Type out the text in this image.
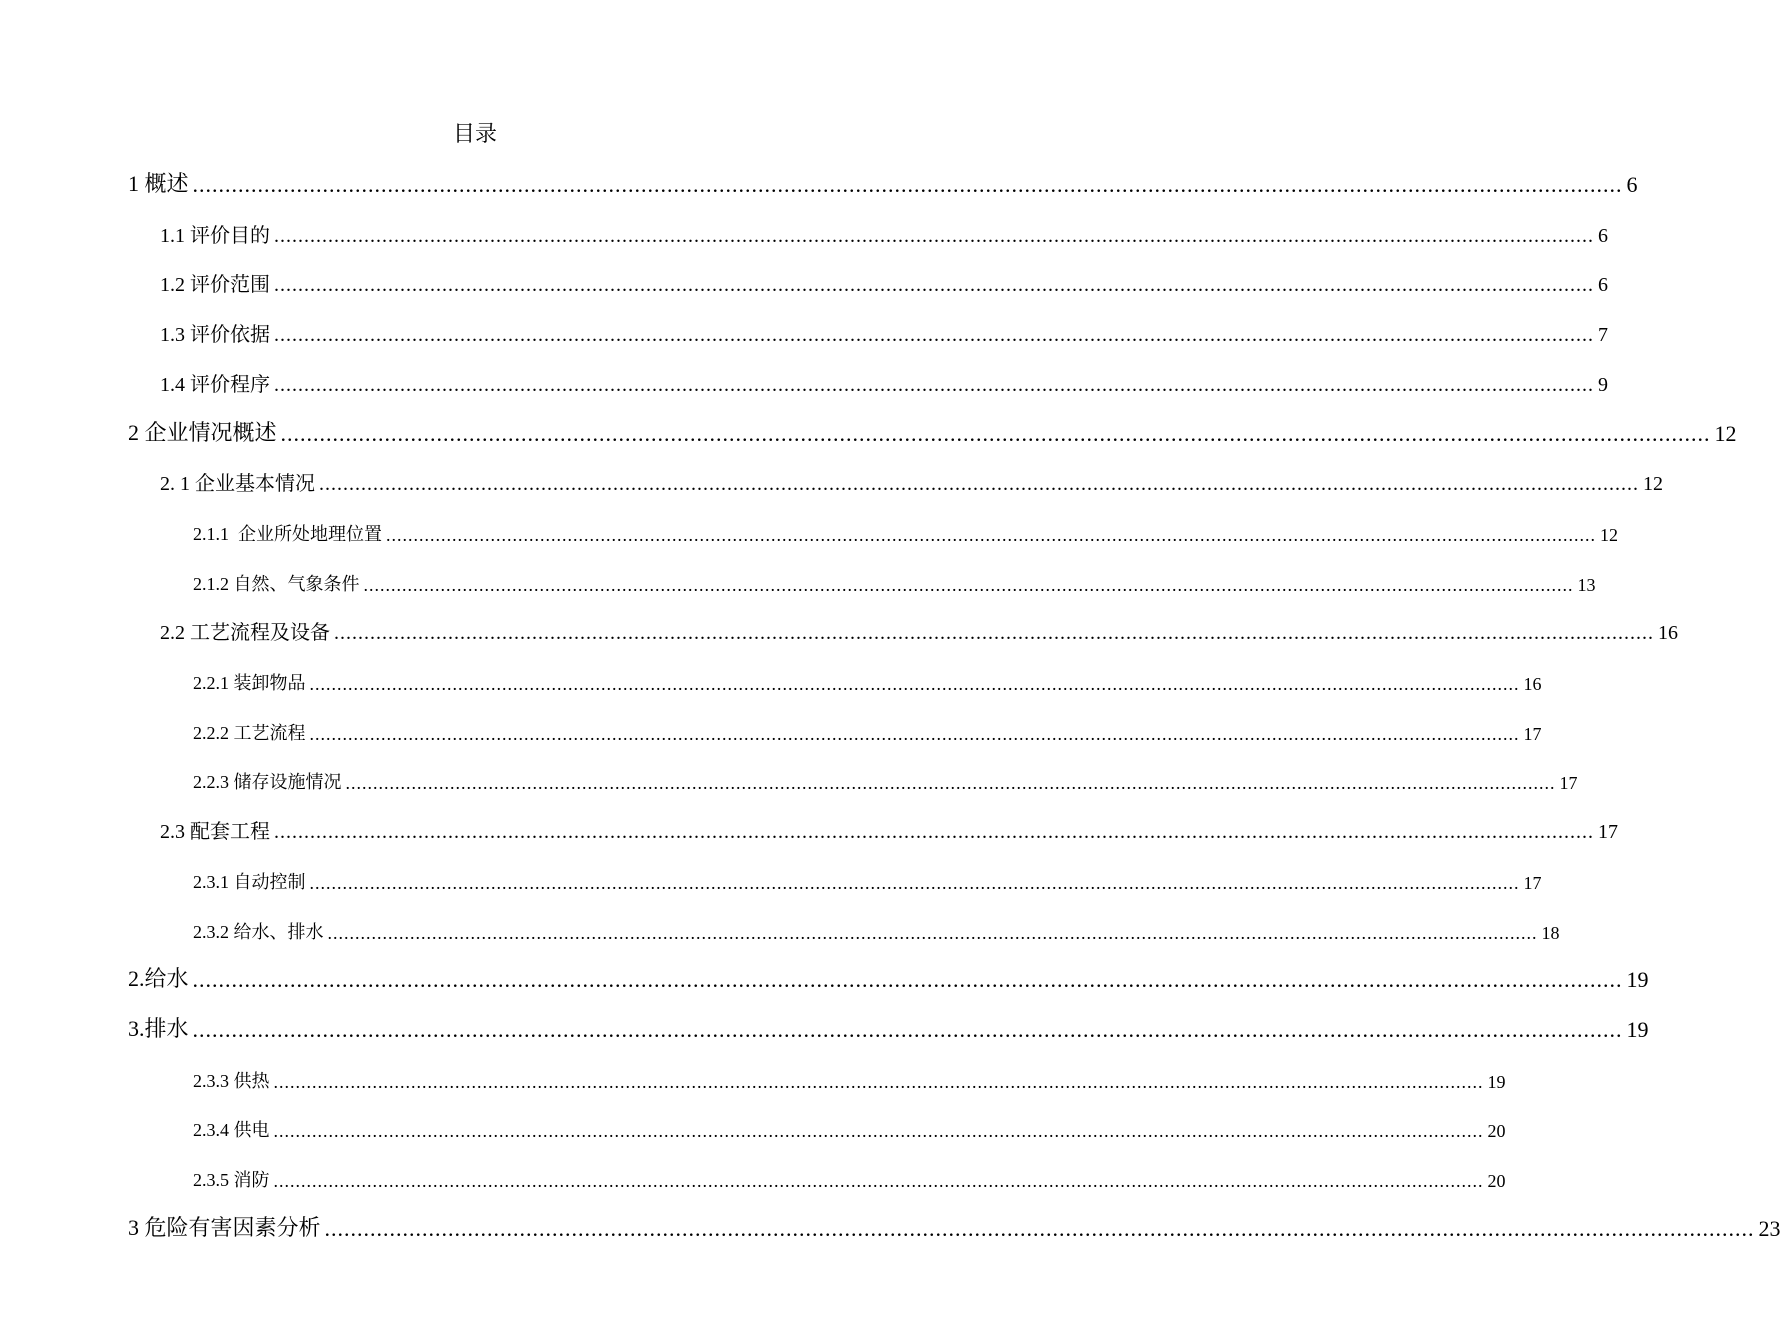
目录
1 概述 ............................................................................................................................................................................................................................ 6
1.1 评价目的 ............................................................................................................................................................................................................................ 6
1.2 评价范围 ............................................................................................................................................................................................................................ 6
1.3 评价依据 ............................................................................................................................................................................................................................ 7
1.4 评价程序 ............................................................................................................................................................................................................................ 9
2 企业情况概述 ............................................................................................................................................................................................................................ 12
2. 1 企业基本情况 ............................................................................................................................................................................................................................ 12
2.1.1  企业所处地理位置 ............................................................................................................................................................................................................................ 12
2.1.2 自然、气象条件 ............................................................................................................................................................................................................................ 13
2.2 工艺流程及设备 ............................................................................................................................................................................................................................ 16
2.2.1 装卸物品 ............................................................................................................................................................................................................................ 16
2.2.2 工艺流程 ............................................................................................................................................................................................................................ 17
2.2.3 储存设施情况 ............................................................................................................................................................................................................................ 17
2.3 配套工程 ............................................................................................................................................................................................................................ 17
2.3.1 自动控制 ............................................................................................................................................................................................................................ 17
2.3.2 给水、排水 ............................................................................................................................................................................................................................ 18
2.给水 ............................................................................................................................................................................................................................ 19
3.排水 ............................................................................................................................................................................................................................ 19
2.3.3 供热 ............................................................................................................................................................................................................................ 19
2.3.4 供电 ............................................................................................................................................................................................................................ 20
2.3.5 消防 ............................................................................................................................................................................................................................ 20
3 危险有害因素分析 ............................................................................................................................................................................................................................ 23
